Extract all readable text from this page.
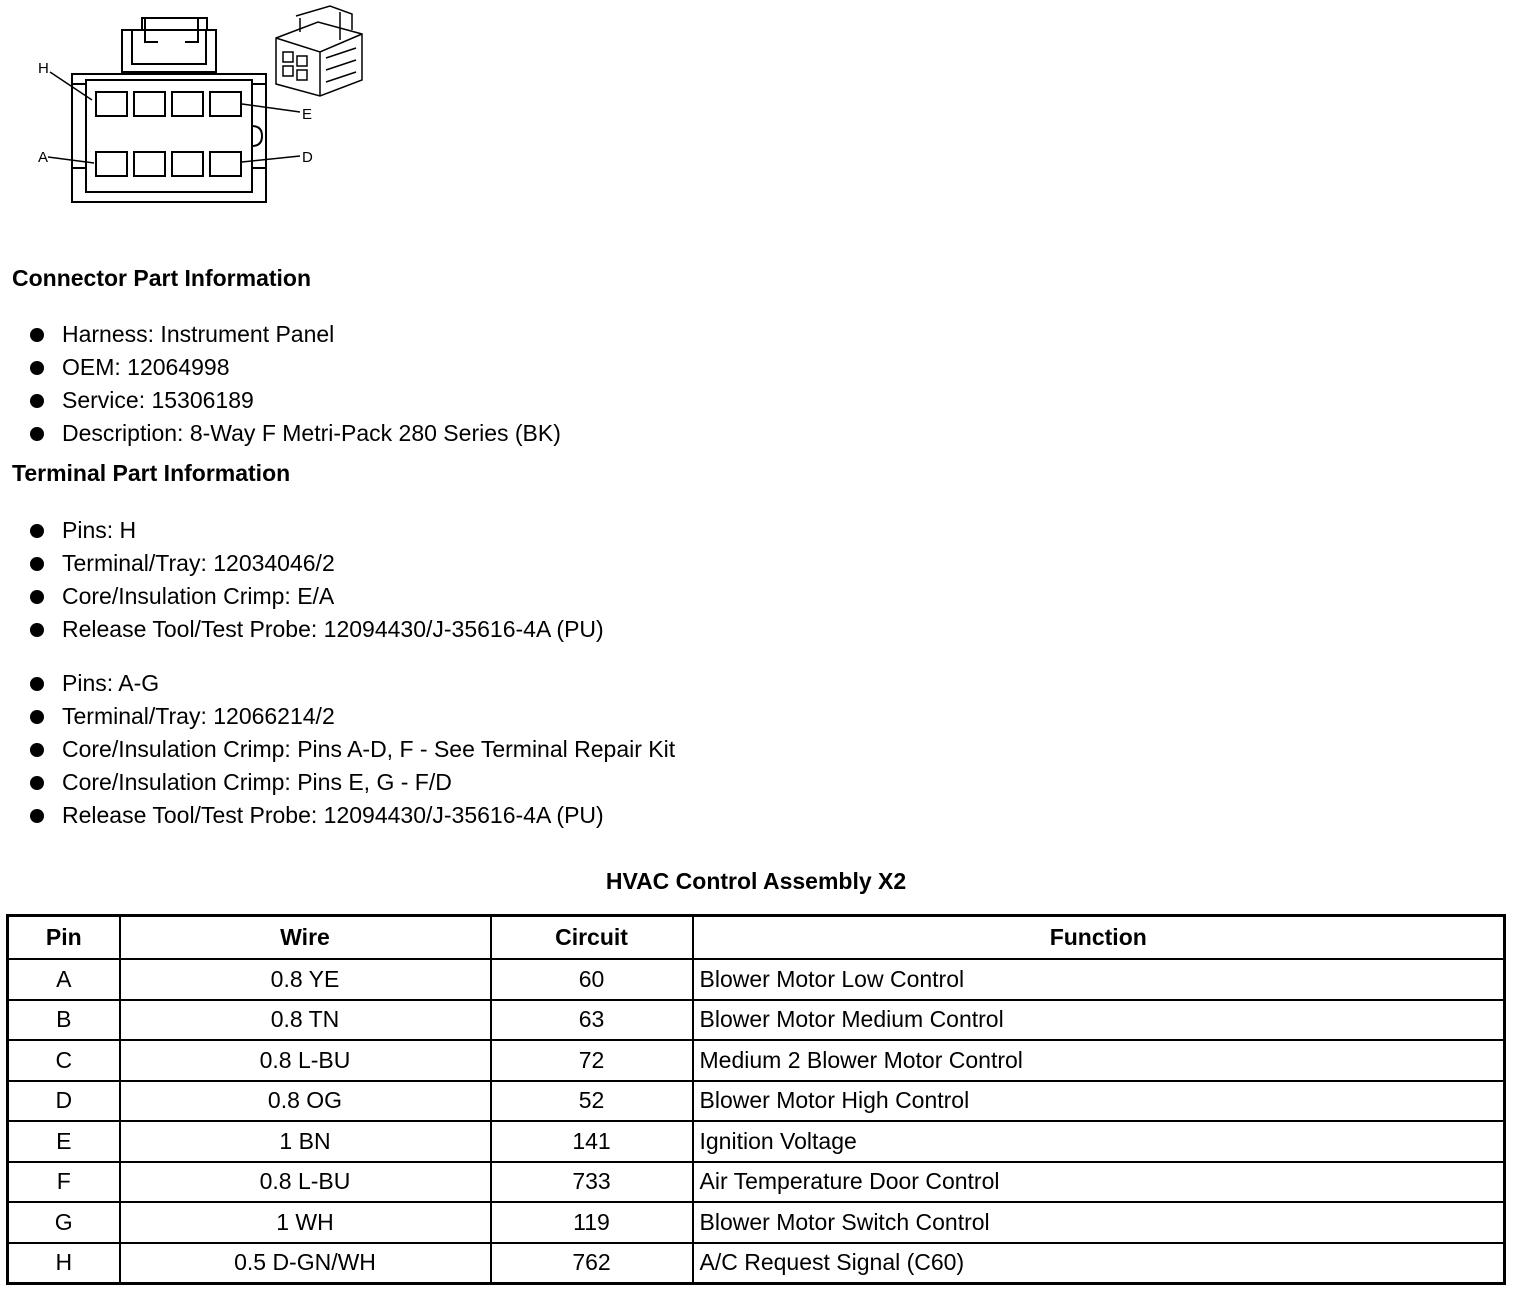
H
A
E
D
Connector Part Information
Harness: Instrument Panel
OEM: 12064998
Service: 15306189
Description: 8-Way F Metri-Pack 280 Series (BK)
Terminal Part Information
Pins: H
Terminal/Tray: 12034046/2
Core/Insulation Crimp: E/A
Release Tool/Test Probe: 12094430/J-35616-4A (PU)
Pins: A-G
Terminal/Tray: 12066214/2
Core/Insulation Crimp: Pins A-D, F - See Terminal Repair Kit
Core/Insulation Crimp: Pins E, G - F/D
Release Tool/Test Probe: 12094430/J-35616-4A (PU)
HVAC Control Assembly X2
Pin	Wire	Circuit	Function
A	0.8 YE	60	Blower Motor Low Control
B	0.8 TN	63	Blower Motor Medium Control
C	0.8 L-BU	72	Medium 2 Blower Motor Control
D	0.8 OG	52	Blower Motor High Control
E	1 BN	141	Ignition Voltage
F	0.8 L-BU	733	Air Temperature Door Control
G	1 WH	119	Blower Motor Switch Control
H	0.5 D-GN/WH	762	A/C Request Signal (C60)
